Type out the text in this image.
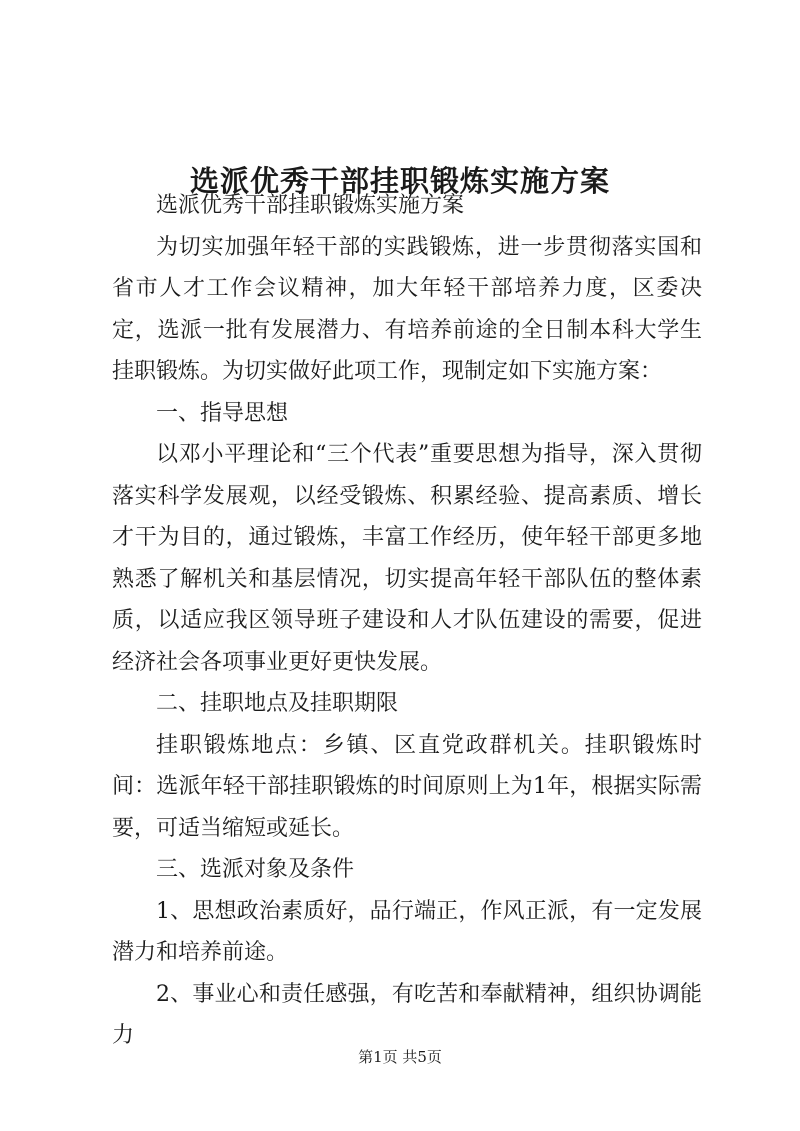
选派优秀干部挂职锻炼实施方案

选派优秀干部挂职锻炼实施方案

为切实加强年轻干部的实践锻炼，进一步贯彻落实国和省市人才工作会议精神，加大年轻干部培养力度，区委决定，选派一批有发展潜力、有培养前途的全日制本科大学生挂职锻炼。为切实做好此项工作，现制定如下实施方案：

一、指导思想

以邓小平理论和“三个代表”重要思想为指导，深入贯彻落实科学发展观，以经受锻炼、积累经验、提高素质、增长才干为目的，通过锻炼，丰富工作经历，使年轻干部更多地熟悉了解机关和基层情况，切实提高年轻干部队伍的整体素质，以适应我区领导班子建设和人才队伍建设的需要，促进经济社会各项事业更好更快发展。

二、挂职地点及挂职期限

挂职锻炼地点：乡镇、区直党政群机关。挂职锻炼时间：选派年轻干部挂职锻炼的时间原则上为1年，根据实际需要，可适当缩短或延长。

三、选派对象及条件

1、思想政治素质好，品行端正，作风正派，有一定发展潜力和培养前途。

2、事业心和责任感强，有吃苦和奉献精神，组织协调能力

第1页 共5页
